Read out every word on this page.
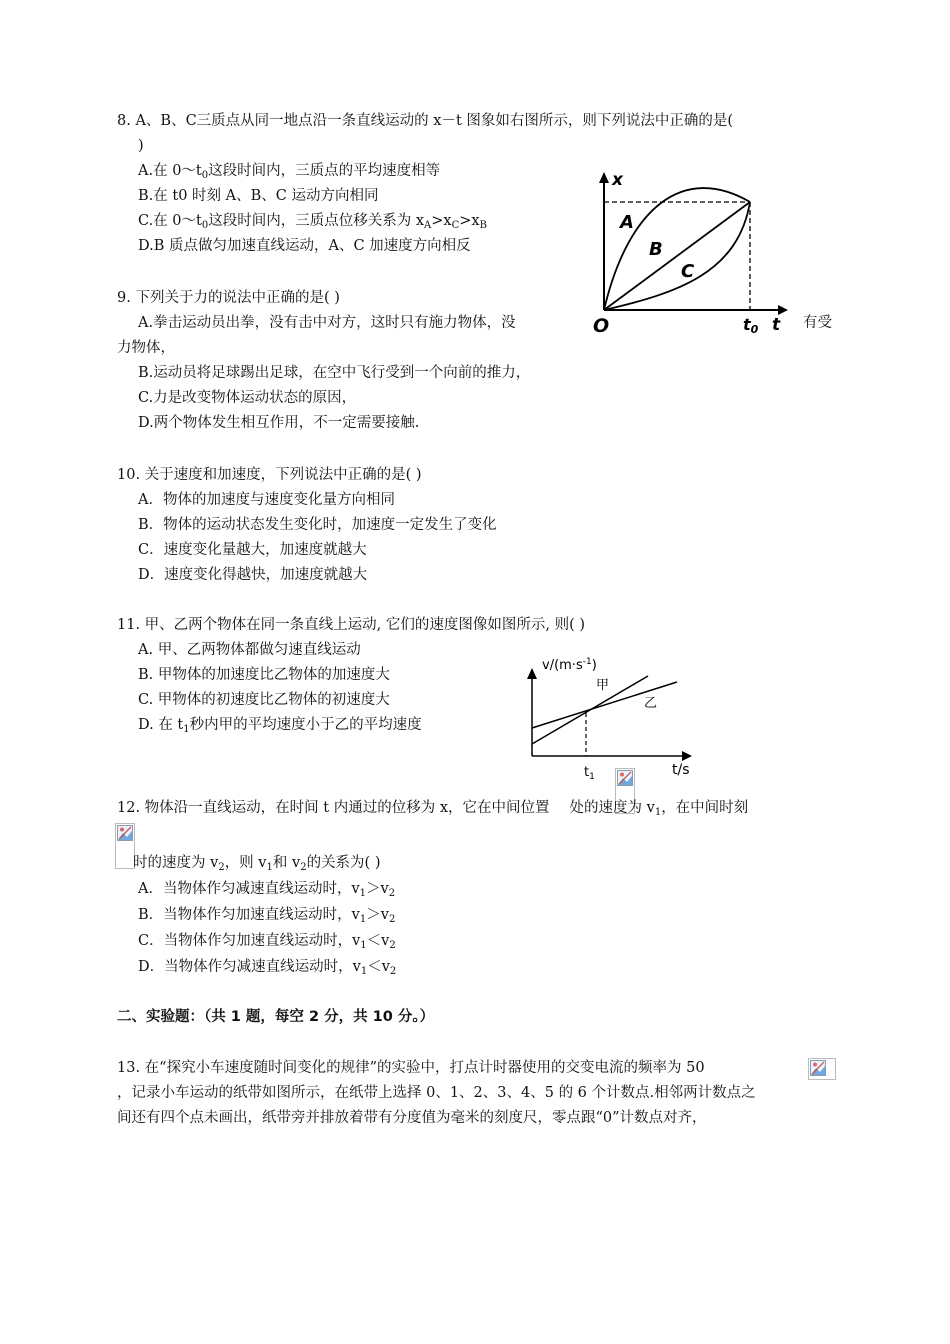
8. A、B、C三质点从同一地点沿一条直线运动的 x－t 图象如右图所示，则下列说法中正确的是(
)
A.在 $0\sim t_0$这段时间内，三质点的平均速度相等
B.在 t0 时刻 A、B、C 运动方向相同
C.在 $0\sim t_0$这段时间内，三质点位移关系为 $x_A>x_C>x_B$
D.B 质点做匀加速直线运动，A、C 加速度方向相反
x
t
O	t0
A
B
C
9. 下列关于力的说法中正确的是( )
A.拳击运动员出拳，没有击中对方，这时只有施力物体，没	有受
力物体，
B.运动员将足球踢出足球，在空中飞行受到一个向前的推力，
C.力是改变物体运动状态的原因，
D.两个物体发生相互作用，不一定需要接触.
10. 关于速度和加速度，下列说法中正确的是( )
A．物体的加速度与速度变化量方向相同
B．物体的运动状态发生变化时，加速度一定发生了变化
C．速度变化量越大，加速度就越大
D．速度变化得越快，加速度就越大
11. 甲、乙两个物体在同一条直线上运动, 它们的速度图像如图所示, 则( )
A. 甲、乙两物体都做匀速直线运动
B. 甲物体的加速度比乙物体的加速度大
C. 甲物体的初速度比乙物体的初速度大
D. 在 $t_1$秒内甲的平均速度小于乙的平均速度
$v/(m\cdot s^{-1})$
甲
乙
$t_1$	t/s
12. 物体沿一直线运动，在时间 t 内通过的位移为 x，它在中间位置 处的速度为 $v_1$，在中间时刻
时的速度为 $v_2$，则 $v_1$和 $v_2$的关系为( )
A．当物体作匀减速直线运动时，$v_1>v_2$
B．当物体作匀加速直线运动时，$v_1>v_2$
C．当物体作匀加速直线运动时，$v_1<v_2$
D．当物体作匀减速直线运动时，$v_1<v_2$
二、实验题：（共 1 题，每空 2 分，共 10 分。）
13. 在“探究小车速度随时间变化的规律”的实验中，打点计时器使用的交变电流的频率为 50
，记录小车运动的纸带如图所示，在纸带上选择 0、1、2、3、4、5 的 6 个计数点.相邻两计数点之
间还有四个点未画出，纸带旁并排放着带有分度值为毫米的刻度尺，零点跟“0”计数点对齐，
